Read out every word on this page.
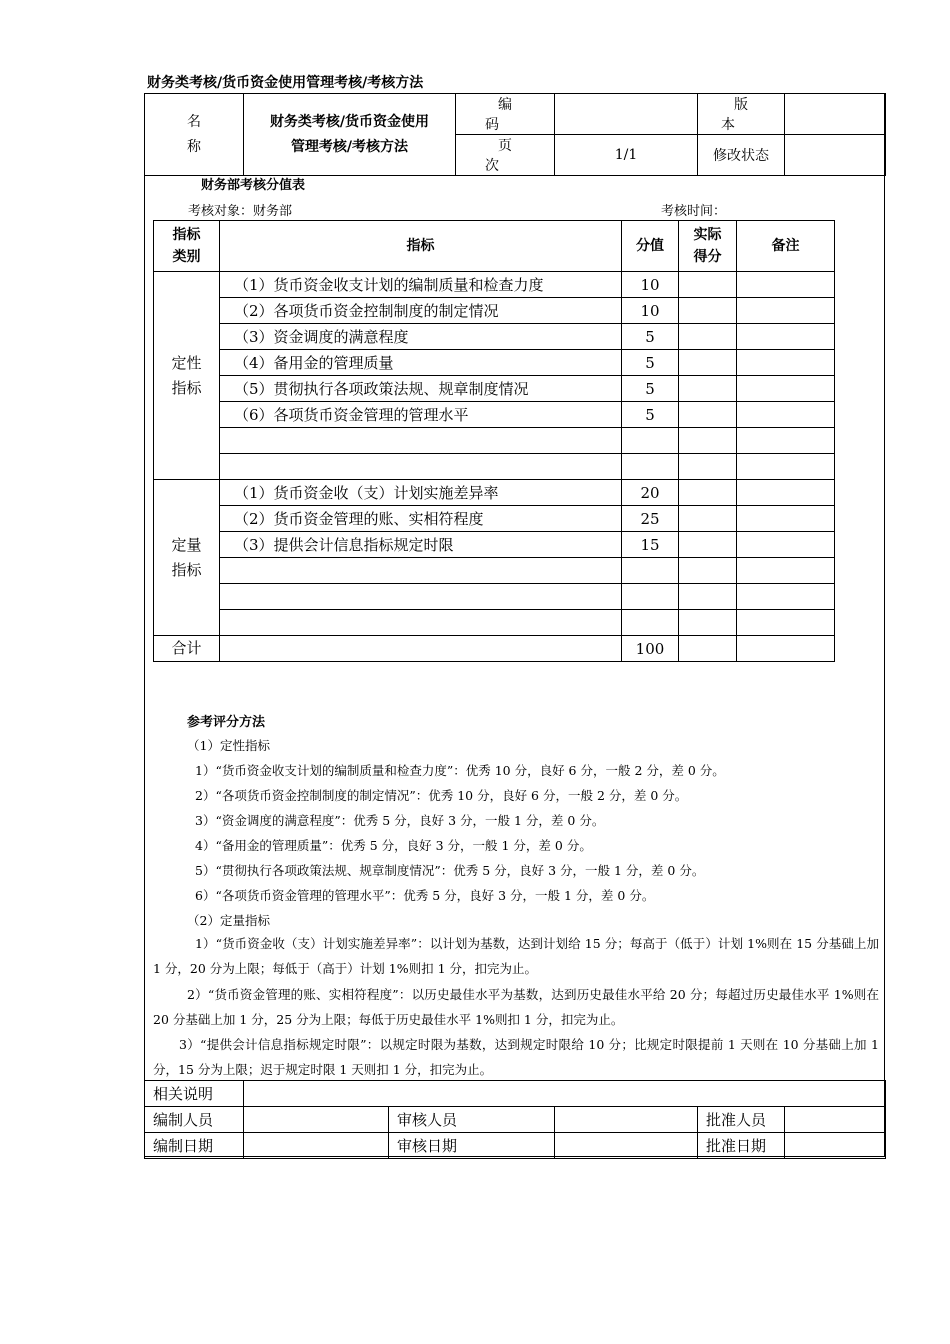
财务类考核/货币资金使用管理考核/考核方法
名称	财务类考核/货币资金使用
管理考核/考核方法	编码		版本	
		页次	1/1	修改状态	
财务部考核分值表
考核对象：财务部	考核时间：
指标类别	指标	分值	实际得分	备注
定性指标	（1）货币资金收支计划的编制质量和检查力度	10		
	（2）各项货币资金控制制度的制定情况	10		
	（3）资金调度的满意程度	5		
	（4）备用金的管理质量	5		
	（5）贯彻执行各项政策法规、规章制度情况	5		
	（6）各项货币资金管理的管理水平	5		

定量指标	（1）货币资金收（支）计划实施差异率	20		
	（2）货币资金管理的账、实相符程度	25		
	（3）提供会计信息指标规定时限	15		

合计		100		
参考评分方法
（1）定性指标
1）“货币资金收支计划的编制质量和检查力度”：优秀 10 分，良好 6 分，一般 2 分，差 0 分。
2）“各项货币资金控制制度的制定情况”：优秀 10 分，良好 6 分，一般 2 分，差 0 分。
3）“资金调度的满意程度”：优秀 5 分，良好 3 分，一般 1 分，差 0 分。
4）“备用金的管理质量”：优秀 5 分，良好 3 分，一般 1 分，差 0 分。
5）“贯彻执行各项政策法规、规章制度情况”：优秀 5 分，良好 3 分，一般 1 分，差 0 分。
6）“各项货币资金管理的管理水平”：优秀 5 分，良好 3 分，一般 1 分，差 0 分。
（2）定量指标
1）“货币资金收（支）计划实施差异率”：以计划为基数，达到计划给 15 分；每高于（低于）计划 1%则在 15 分基础上加 1 分，20 分为上限；每低于（高于）计划 1%则扣 1 分，扣完为止。
2）“货币资金管理的账、实相符程度”：以历史最佳水平为基数，达到历史最佳水平给 20 分；每超过历史最佳水平 1%则在 20 分基础上加 1 分，25 分为上限；每低于历史最佳水平 1%则扣 1 分，扣完为止。
3）“提供会计信息指标规定时限”：以规定时限为基数，达到规定时限给 10 分；比规定时限提前 1 天则在 10 分基础上加 1 分，15 分为上限；迟于规定时限 1 天则扣 1 分，扣完为止。
相关说明					
编制人员		审核人员		批准人员	
编制日期		审核日期		批准日期	
